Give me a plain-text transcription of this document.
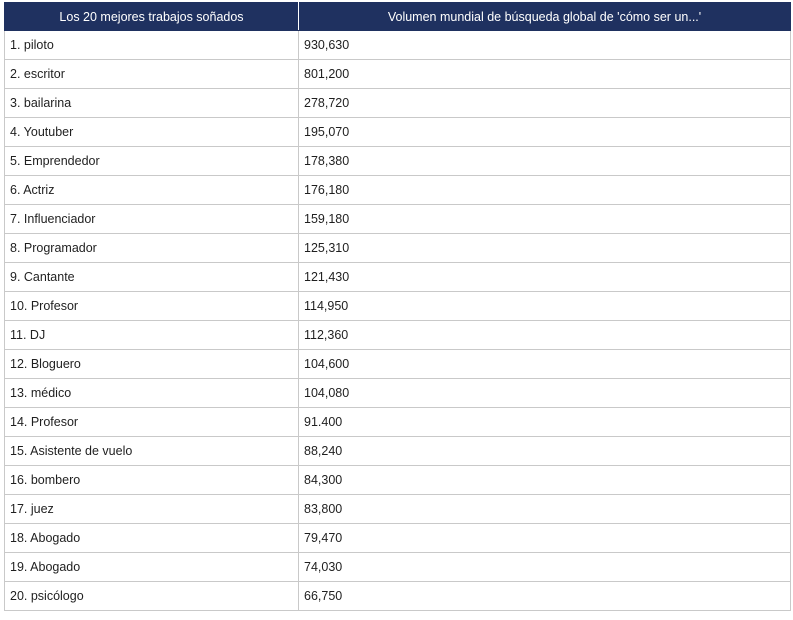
Los 20 mejores trabajos soñados	Volumen mundial de búsqueda global de 'cómo ser un...'
1. piloto	930,630
2. escritor	801,200
3. bailarina	278,720
4. Youtuber	195,070
5. Emprendedor	178,380
6. Actriz	176,180
7. Influenciador	159,180
8. Programador	125,310
9. Cantante	121,430
10. Profesor	114,950
11. DJ	112,360
12. Bloguero	104,600
13. médico	104,080
14. Profesor	91.400
15. Asistente de vuelo	88,240
16. bombero	84,300
17. juez	83,800
18. Abogado	79,470
19. Abogado	74,030
20. psicólogo	66,750
